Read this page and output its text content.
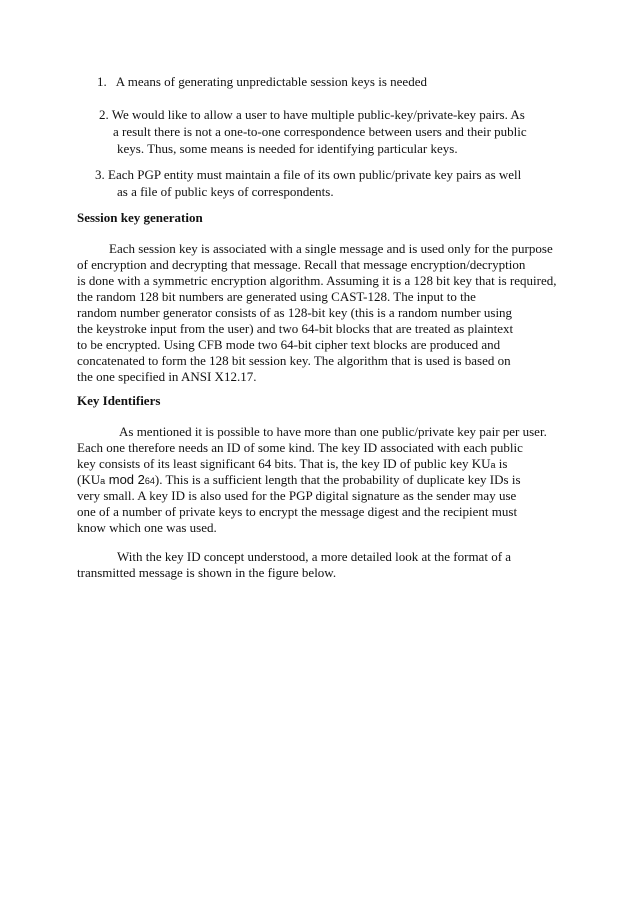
1.   A means of generating unpredictable session keys is needed
2. We would like to allow a user to have multiple public-key/private-key pairs. As
a result there is not a one-to-one correspondence between users and their public
keys. Thus, some means is needed for identifying particular keys.
3. Each PGP entity must maintain a file of its own public/private key pairs as well
as a file of public keys of correspondents.
Session key generation
Each session key is associated with a single message and is used only for the purpose
of encryption and decrypting that message. Recall that message encryption/decryption
is done with a symmetric encryption algorithm. Assuming it is a 128 bit key that is required,
the random 128 bit numbers are generated using CAST-128. The input to the
random number generator consists of as 128-bit key (this is a random number using
the keystroke input from the user) and two 64-bit blocks that are treated as plaintext
to be encrypted. Using CFB mode two 64-bit cipher text blocks are produced and
concatenated to form the 128 bit session key. The algorithm that is used is based on
the one specified in ANSI X12.17.
Key Identifiers
As mentioned it is possible to have more than one public/private key pair per user.
Each one therefore needs an ID of some kind. The key ID associated with each public
key consists of its least significant 64 bits. That is, the key ID of public key KUa is
(KUa mod 264). This is a sufficient length that the probability of duplicate key IDs is
very small. A key ID is also used for the PGP digital signature as the sender may use
one of a number of private keys to encrypt the message digest and the recipient must
know which one was used.
With the key ID concept understood, a more detailed look at the format of a
transmitted message is shown in the figure below.
